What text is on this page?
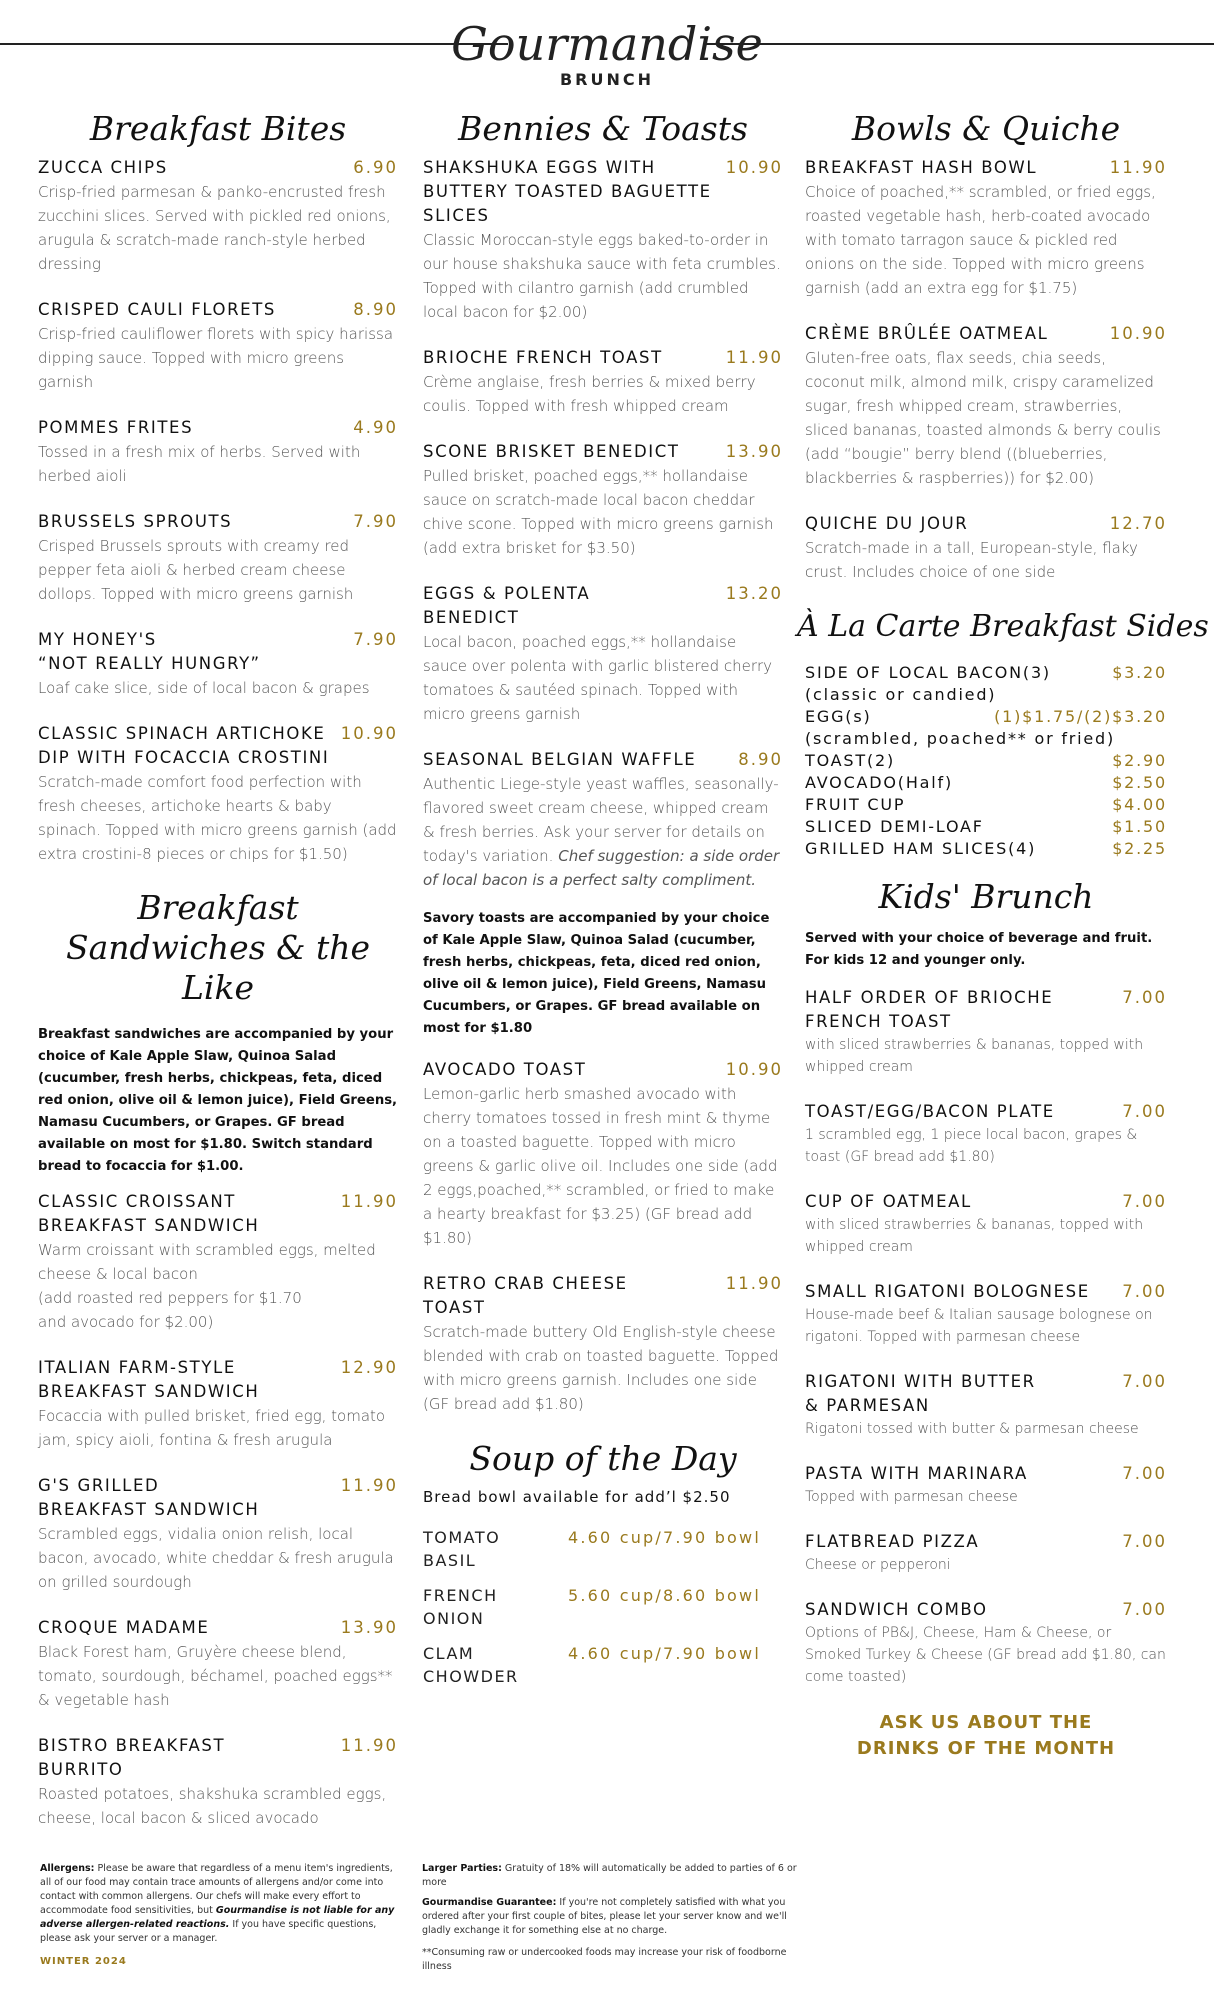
Gourmandise
BRUNCH
Breakfast Bites
ZUCCA CHIPS	6.90
Crisp-fried parmesan & panko-encrusted fresh zucchini slices. Served with pickled red onions, arugula & scratch-made ranch-style herbed dressing
CRISPED CAULI FLORETS	8.90
Crisp-fried cauliflower florets with spicy harissa dipping sauce. Topped with micro greens garnish
POMMES FRITES	4.90
Tossed in a fresh mix of herbs. Served with herbed aioli
BRUSSELS SPROUTS	7.90
Crisped Brussels sprouts with creamy red pepper feta aioli & herbed cream cheese dollops. Topped with micro greens garnish
MY HONEY'S
“NOT REALLY HUNGRY”
7.90
Loaf cake slice, side of local bacon & grapes
CLASSIC SPINACH ARTICHOKE
DIP WITH FOCACCIA CROSTINI
10.90
Scratch-made comfort food perfection with fresh cheeses, artichoke hearts & baby spinach. Topped with micro greens garnish (add extra crostini-8 pieces or chips for $1.50)
Breakfast Sandwiches & the Like
Breakfast sandwiches are accompanied by your choice of Kale Apple Slaw, Quinoa Salad (cucumber, fresh herbs, chickpeas, feta, diced red onion, olive oil & lemon juice), Field Greens, Namasu Cucumbers, or Grapes. GF bread available on most for $1.80. Switch standard bread to focaccia for $1.00.
CLASSIC CROISSANT
BREAKFAST SANDWICH
11.90
Warm croissant with scrambled eggs, melted cheese & local bacon
(add roasted red peppers for $1.70
and avocado for $2.00)
ITALIAN FARM-STYLE
BREAKFAST SANDWICH
12.90
Focaccia with pulled brisket, fried egg, tomato jam, spicy aioli, fontina & fresh arugula
G'S GRILLED
BREAKFAST SANDWICH
11.90
Scrambled eggs, vidalia onion relish, local bacon, avocado, white cheddar & fresh arugula on grilled sourdough
CROQUE MADAME	13.90
Black Forest ham, Gruyère cheese blend, tomato, sourdough, béchamel, poached eggs** & vegetable hash
BISTRO BREAKFAST
BURRITO
11.90
Roasted potatoes, shakshuka scrambled eggs, cheese, local bacon & sliced avocado
Bennies & Toasts
SHAKSHUKA EGGS WITH
BUTTERY TOASTED BAGUETTE
SLICES
10.90
Classic Moroccan-style eggs baked-to-order in our house shakshuka sauce with feta crumbles. Topped with cilantro garnish (add crumbled local bacon for $2.00)
BRIOCHE FRENCH TOAST	11.90
Crème anglaise, fresh berries & mixed berry coulis. Topped with fresh whipped cream
SCONE BRISKET BENEDICT	13.90
Pulled brisket, poached eggs,** hollandaise sauce on scratch-made local bacon cheddar chive scone. Topped with micro greens garnish (add extra brisket for $3.50)
EGGS & POLENTA
BENEDICT
13.20
Local bacon, poached eggs,** hollandaise sauce over polenta with garlic blistered cherry tomatoes & sautéed spinach. Topped with micro greens garnish
SEASONAL BELGIAN WAFFLE	8.90
Authentic Liege-style yeast waffles, seasonally-flavored sweet cream cheese, whipped cream & fresh berries. Ask your server for details on today's variation. Chef suggestion: a side order of local bacon is a perfect salty compliment.
Savory toasts are accompanied by your choice of Kale Apple Slaw, Quinoa Salad (cucumber, fresh herbs, chickpeas, feta, diced red onion, olive oil & lemon juice), Field Greens, Namasu Cucumbers, or Grapes. GF bread available on most for $1.80
AVOCADO TOAST	10.90
Lemon-garlic herb smashed avocado with cherry tomatoes tossed in fresh mint & thyme on a toasted baguette. Topped with micro greens & garlic olive oil. Includes one side (add 2 eggs,poached,** scrambled, or fried to make a hearty breakfast for $3.25) (GF bread add $1.80)
RETRO CRAB CHEESE
TOAST
11.90
Scratch-made buttery Old English-style cheese blended with crab on toasted baguette. Topped with micro greens garnish. Includes one side (GF bread add $1.80)
Soup of the Day
Bread bowl available for add’l $2.50
TOMATO
BASIL
4.60 cup/7.90 bowl
FRENCH
ONION
5.60 cup/8.60 bowl
CLAM
CHOWDER
4.60 cup/7.90 bowl
Bowls & Quiche
BREAKFAST HASH BOWL	11.90
Choice of poached,** scrambled, or fried eggs, roasted vegetable hash, herb-coated avocado with tomato tarragon sauce & pickled red onions on the side. Topped with micro greens garnish (add an extra egg for $1.75)
CRÈME BRÛLÉE OATMEAL	10.90
Gluten-free oats, flax seeds, chia seeds, coconut milk, almond milk, crispy caramelized sugar, fresh whipped cream, strawberries, sliced bananas, toasted almonds & berry coulis (add “bougie” berry blend ((blueberries, blackberries & raspberries)) for $2.00)
QUICHE DU JOUR	12.70
Scratch-made in a tall, European-style, flaky crust. Includes choice of one side
À La Carte Breakfast Sides
SIDE OF LOCAL BACON(3)	$3.20
(classic or candied)
EGG(s)	(1)$1.75/(2)$3.20
(scrambled, poached** or fried)
TOAST(2)	$2.90
AVOCADO(Half)	$2.50
FRUIT CUP	$4.00
SLICED DEMI-LOAF	$1.50
GRILLED HAM SLICES(4)	$2.25
Kids' Brunch
Served with your choice of beverage and fruit. For kids 12 and younger only.
HALF ORDER OF BRIOCHE
FRENCH TOAST
7.00
with sliced strawberries & bananas, topped with whipped cream
TOAST/EGG/BACON PLATE	7.00
1 scrambled egg, 1 piece local bacon, grapes & toast (GF bread add $1.80)
CUP OF OATMEAL	7.00
with sliced strawberries & bananas, topped with whipped cream
SMALL RIGATONI BOLOGNESE 7.00
House-made beef & Italian sausage bolognese on rigatoni. Topped with parmesan cheese
RIGATONI WITH BUTTER
& PARMESAN
7.00
Rigatoni tossed with butter & parmesan cheese
PASTA WITH MARINARA	7.00
Topped with parmesan cheese
FLATBREAD PIZZA	7.00
Cheese or pepperoni
SANDWICH COMBO	7.00
Options of PB&J, Cheese, Ham & Cheese, or Smoked Turkey & Cheese (GF bread add $1.80, can come toasted)
ASK US ABOUT THE
DRINKS OF THE MONTH
Allergens: Please be aware that regardless of a menu item's ingredients, all of our food may contain trace amounts of allergens and/or come into contact with common allergens. Our chefs will make every effort to accommodate food sensitivities, but Gourmandise is not liable for any adverse allergen-related reactions. If you have specific questions, please ask your server or a manager.
WINTER 2024
Larger Parties: Gratuity of 18% will automatically be added to parties of 6 or more
Gourmandise Guarantee: If you're not completely satisfied with what you ordered after your first couple of bites, please let your server know and we'll gladly exchange it for something else at no charge.
**Consuming raw or undercooked foods may increase your risk of foodborne illness
